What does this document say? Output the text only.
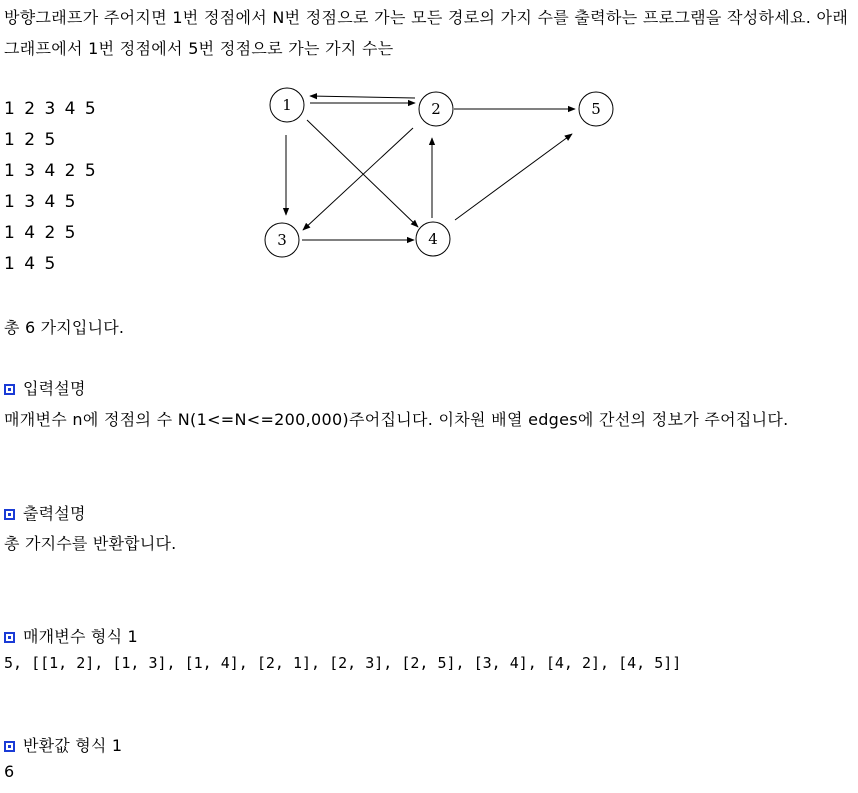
방향그래프가 주어지면 1번 정점에서 N번 정점으로 가는 모든 경로의 가지 수를 출력하는 프로그램을 작성하세요. 아래 그래프에서 1번 정점에서 5번 정점으로 가는 가지 수는
1 2 3 4 5
1 2 5
1 3 4 2 5
1 3 4 5
1 4 2 5
1 4 5
1	2
3	4
5
총 6 가지입니다.
입력설명
매개변수 n에 정점의 수 N(1<=N<=200,000)주어집니다. 이차원 배열 edges에 간선의 정보가 주어집니다.
출력설명
총 가지수를 반환합니다.
매개변수 형식 1
5, [[1, 2], [1, 3], [1, 4], [2, 1], [2, 3], [2, 5], [3, 4], [4, 2], [4, 5]]
반환값 형식 1
6
